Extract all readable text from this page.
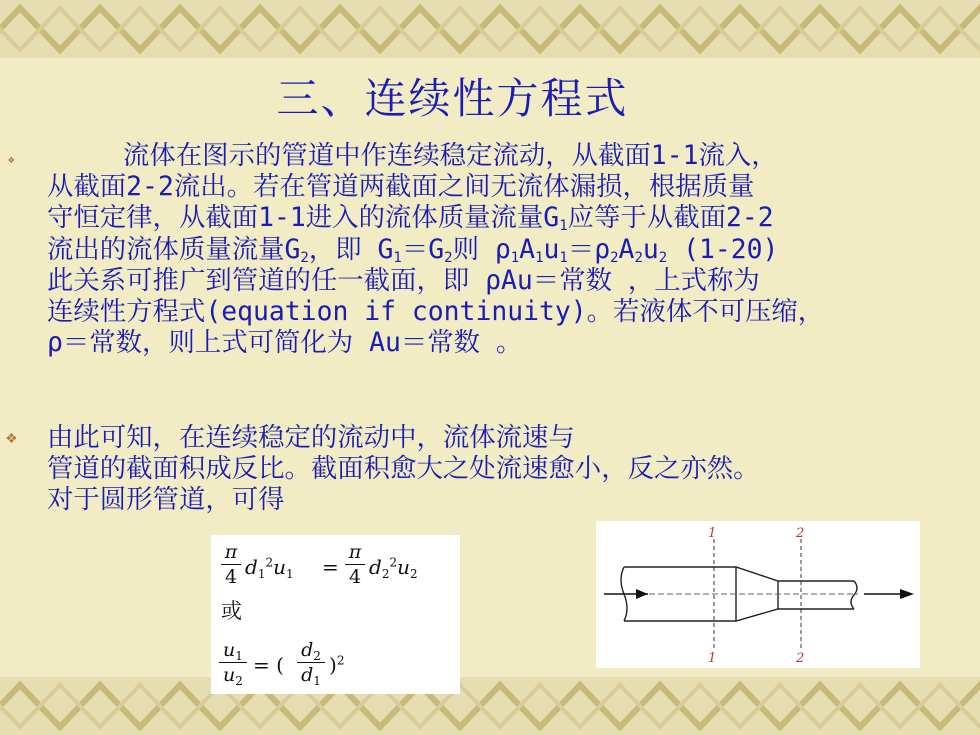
三、连续性方程式
❖	流体在图示的管道中作连续稳定流动，从截面1-1流入，
从截面2-2流出。若在管道两截面之间无流体漏损，根据质量
守恒定律，从截面1-1进入的流体质量流量$G_1$应等于从截面2-2
流出的流体质量流量$G_2$，即 $G_1=G_2$则 $\rho_1A_1u_1=\rho_2A_2u_2$ (1-20)
此关系可推广到管道的任一截面，即 ρAu＝常数 ，上式称为
连续性方程式(equation if continuity)。若液体不可压缩，
ρ＝常数，则上式可简化为 Au＝常数 。
❖ 由此可知，在连续稳定的流动中，流体流速与
管道的截面积成反比。截面积愈大之处流速愈小，反之亦然。
对于圆形管道，可得
π
4 $d_1^2u_1$ =
π
4 $d_2^2u_2$
或
$u_1$
$u_2$
= (
$d_2$
$d_1$
)$^2$
1	2
1	2
